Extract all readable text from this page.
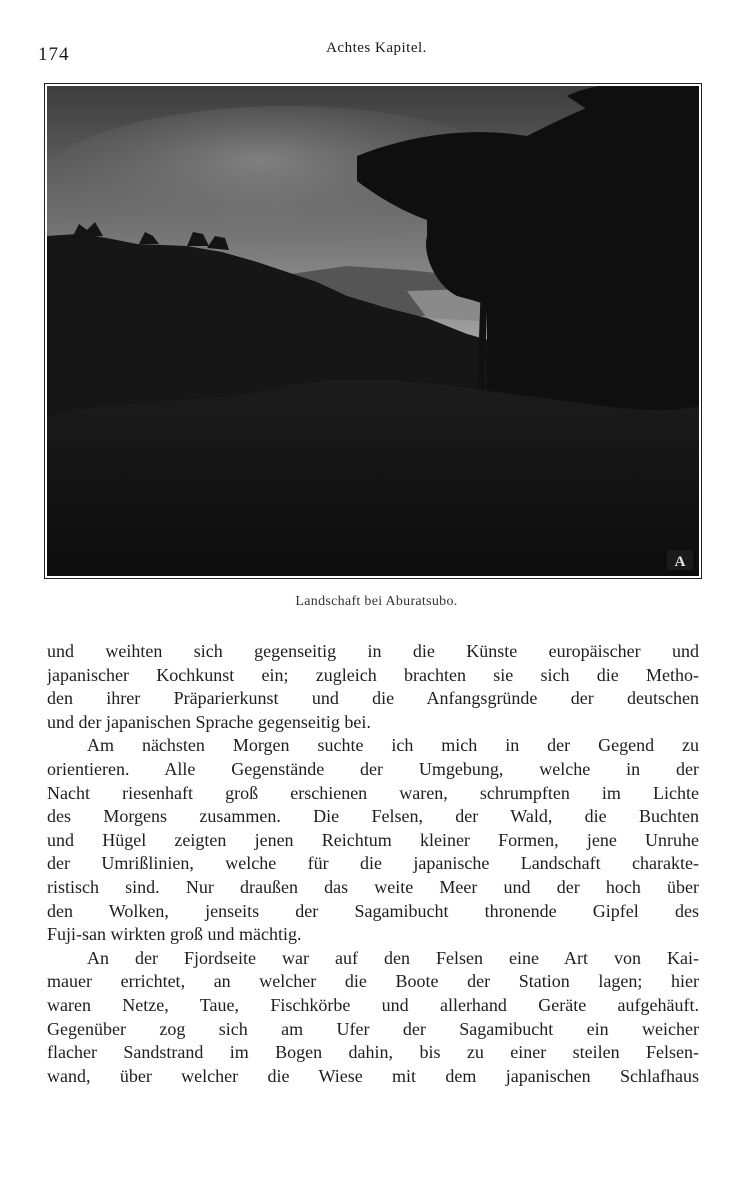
174	Achtes Kapitel.
A
Landschaft bei Aburatsubo.
und weihten sich gegenseitig in die Künste europäischer und
japanischer Kochkunst ein; zugleich brachten sie sich die Metho-
den ihrer Präparierkunst und die Anfangsgründe der deutschen
und der japanischen Sprache gegenseitig bei.
Am nächsten Morgen suchte ich mich in der Gegend zu
orientieren. Alle Gegenstände der Umgebung, welche in der
Nacht riesenhaft groß erschienen waren, schrumpften im Lichte
des Morgens zusammen. Die Felsen, der Wald, die Buchten
und Hügel zeigten jenen Reichtum kleiner Formen, jene Unruhe
der Umrißlinien, welche für die japanische Landschaft charakte-
ristisch sind. Nur draußen das weite Meer und der hoch über
den Wolken, jenseits der Sagamibucht thronende Gipfel des
Fuji-san wirkten groß und mächtig.
An der Fjordseite war auf den Felsen eine Art von Kai-
mauer errichtet, an welcher die Boote der Station lagen; hier
waren Netze, Taue, Fischkörbe und allerhand Geräte aufgehäuft.
Gegenüber zog sich am Ufer der Sagamibucht ein weicher
flacher Sandstrand im Bogen dahin, bis zu einer steilen Felsen-
wand, über welcher die Wiese mit dem japanischen Schlafhaus
